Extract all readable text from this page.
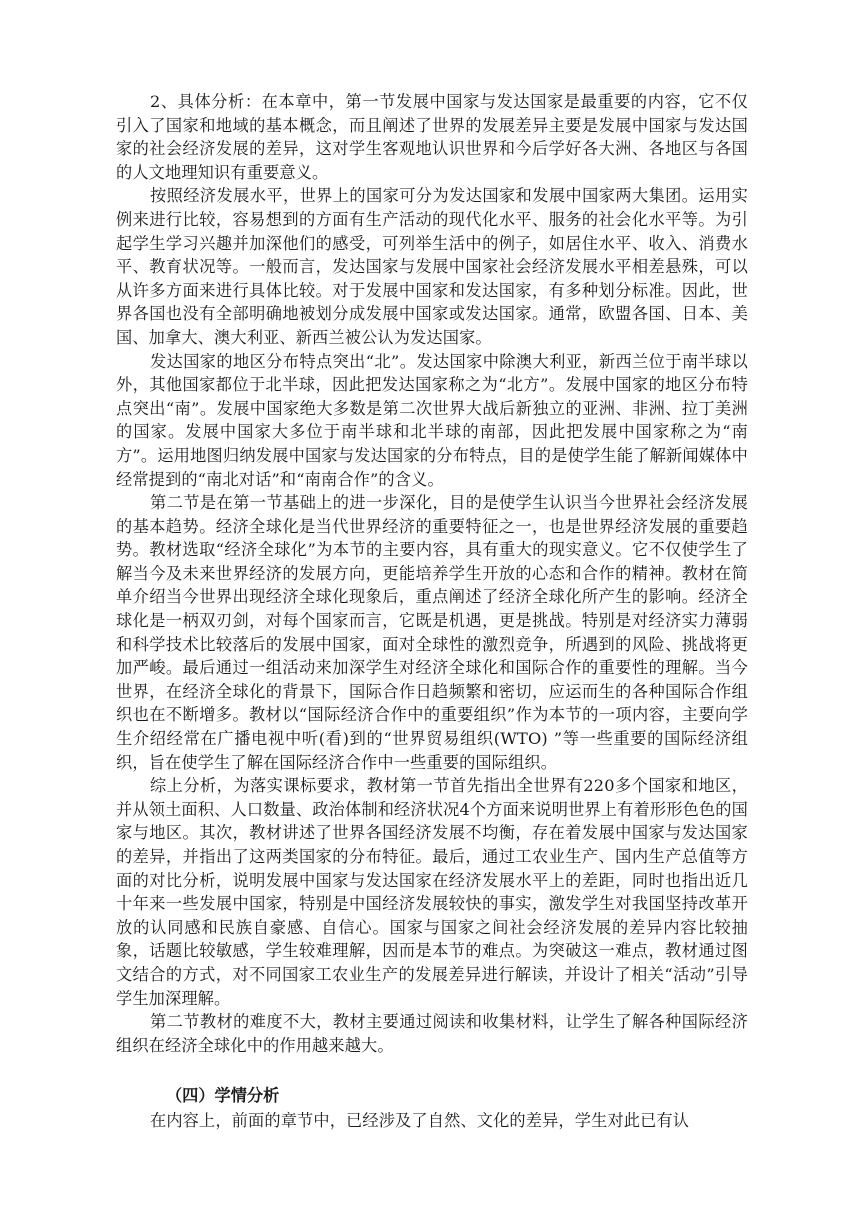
2、具体分析：在本章中，第一节发展中国家与发达国家是最重要的内容，它不仅引入了国家和地域的基本概念，而且阐述了世界的发展差异主要是发展中国家与发达国家的社会经济发展的差异，这对学生客观地认识世界和今后学好各大洲、各地区与各国的人文地理知识有重要意义。

按照经济发展水平，世界上的国家可分为发达国家和发展中国家两大集团。运用实例来进行比较，容易想到的方面有生产活动的现代化水平、服务的社会化水平等。为引起学生学习兴趣并加深他们的感受，可列举生活中的例子，如居住水平、收入、消费水平、教育状况等。一般而言，发达国家与发展中国家社会经济发展水平相差悬殊，可以从许多方面来进行具体比较。对于发展中国家和发达国家，有多种划分标准。因此，世界各国也没有全部明确地被划分成发展中国家或发达国家。通常，欧盟各国、日本、美国、加拿大、澳大利亚、新西兰被公认为发达国家。

发达国家的地区分布特点突出“北”。发达国家中除澳大利亚，新西兰位于南半球以外，其他国家都位于北半球，因此把发达国家称之为“北方”。发展中国家的地区分布特点突出“南”。发展中国家绝大多数是第二次世界大战后新独立的亚洲、非洲、拉丁美洲的国家。发展中国家大多位于南半球和北半球的南部，因此把发展中国家称之为“南方”。运用地图归纳发展中国家与发达国家的分布特点，目的是使学生能了解新闻媒体中经常提到的“南北对话”和“南南合作”的含义。

第二节是在第一节基础上的进一步深化，目的是使学生认识当今世界社会经济发展的基本趋势。经济全球化是当代世界经济的重要特征之一，也是世界经济发展的重要趋势。教材选取“经济全球化”为本节的主要内容，具有重大的现实意义。它不仅使学生了解当今及未来世界经济的发展方向，更能培养学生开放的心态和合作的精神。教材在简单介绍当今世界出现经济全球化现象后，重点阐述了经济全球化所产生的影响。经济全球化是一柄双刃剑，对每个国家而言，它既是机遇，更是挑战。特别是对经济实力薄弱和科学技术比较落后的发展中国家，面对全球性的激烈竞争，所遇到的风险、挑战将更加严峻。最后通过一组活动来加深学生对经济全球化和国际合作的重要性的理解。当今世界，在经济全球化的背景下，国际合作日趋频繁和密切，应运而生的各种国际合作组织也在不断增多。教材以“国际经济合作中的重要组织”作为本节的一项内容，主要向学生介绍经常在广播电视中听(看)到的“世界贸易组织(WTO) ”等一些重要的国际经济组织，旨在使学生了解在国际经济合作中一些重要的国际组织。

综上分析，为落实课标要求，教材第一节首先指出全世界有220多个国家和地区，并从领土面积、人口数量、政治体制和经济状况4个方面来说明世界上有着形形色色的国家与地区。其次，教材讲述了世界各国经济发展不均衡，存在着发展中国家与发达国家的差异，并指出了这两类国家的分布特征。最后，通过工农业生产、国内生产总值等方面的对比分析，说明发展中国家与发达国家在经济发展水平上的差距，同时也指出近几十年来一些发展中国家，特别是中国经济发展较快的事实，激发学生对我国坚持改革开放的认同感和民族自豪感、自信心。国家与国家之间社会经济发展的差异内容比较抽象，话题比较敏感，学生较难理解，因而是本节的难点。为突破这一难点，教材通过图文结合的方式，对不同国家工农业生产的发展差异进行解读，并设计了相关“活动”引导学生加深理解。

第二节教材的难度不大，教材主要通过阅读和收集材料，让学生了解各种国际经济组织在经济全球化中的作用越来越大。

（四）学情分析

在内容上，前面的章节中，已经涉及了自然、文化的差异，学生对此已有认
